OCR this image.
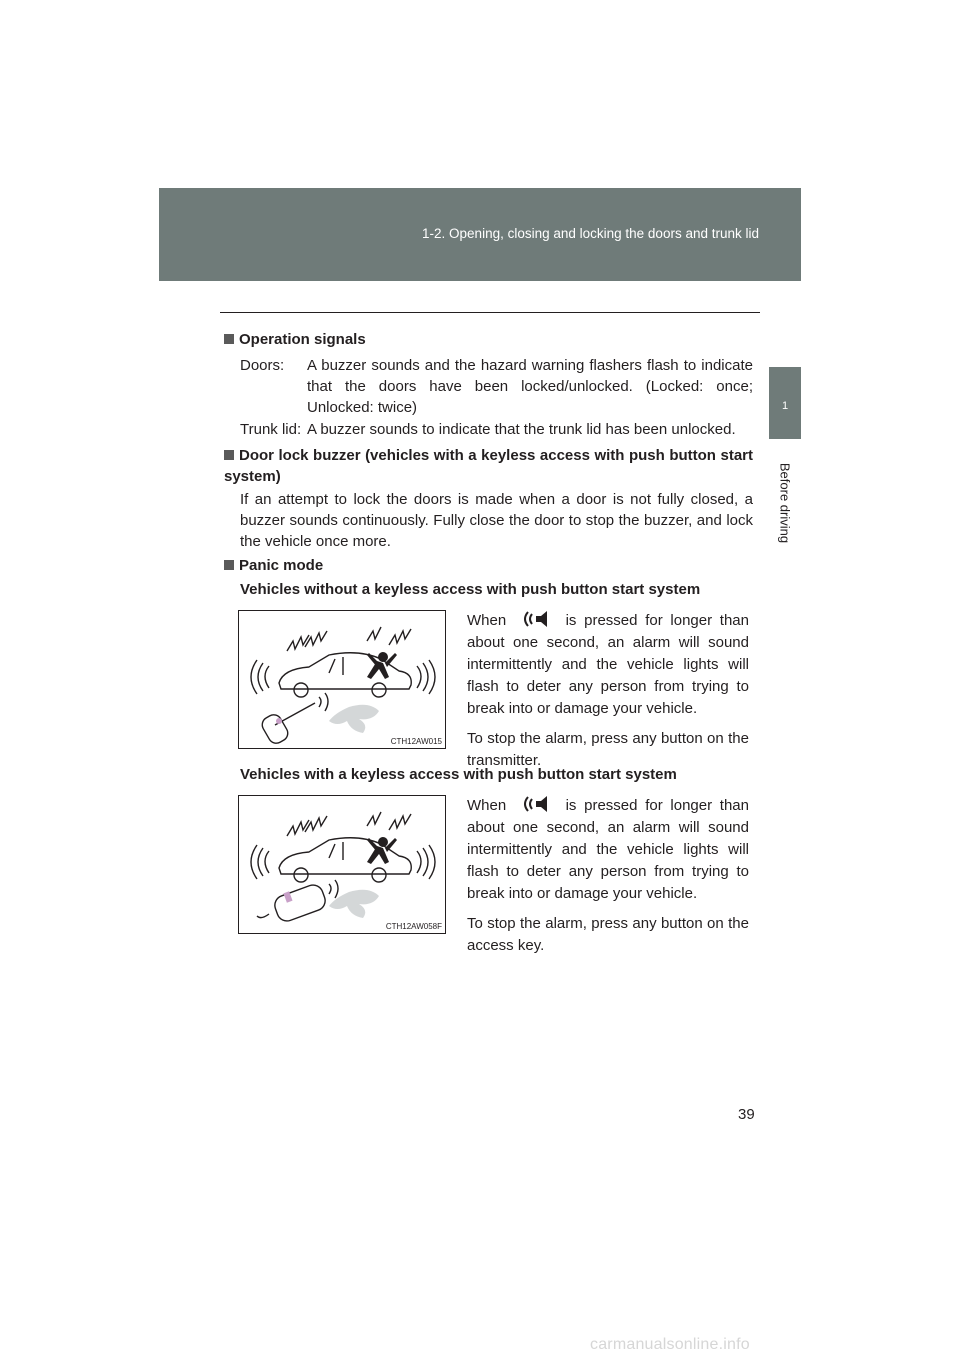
1-2. Opening, closing and locking the doors and trunk lid
1
Before driving
Operation signals
Doors: A buzzer sounds and the hazard warning flashers flash to indicate that the doors have been locked/unlocked. (Locked: once; Unlocked: twice)
Trunk lid: A buzzer sounds to indicate that the trunk lid has been unlocked.
Door lock buzzer (vehicles with a keyless access with push button start system)
If an attempt to lock the doors is made when a door is not fully closed, a buzzer sounds continuously. Fully close the door to stop the buzzer, and lock the vehicle once more.
Panic mode
Vehicles without a keyless access with push button start system
CTH12AW015

When	is pressed for longer than about one second, an alarm will sound intermittently and the vehicle lights will flash to deter any person from trying to break into or damage your vehicle.

To stop the alarm, press any button on the transmitter.

Vehicles with a keyless access with push button start system
CTH12AW058F

When	is pressed for longer than about one second, an alarm will sound intermittently and the vehicle lights will flash to deter any person from trying to break into or damage your vehicle.

To stop the alarm, press any button on the access key.

39
carmanualsonline.info
